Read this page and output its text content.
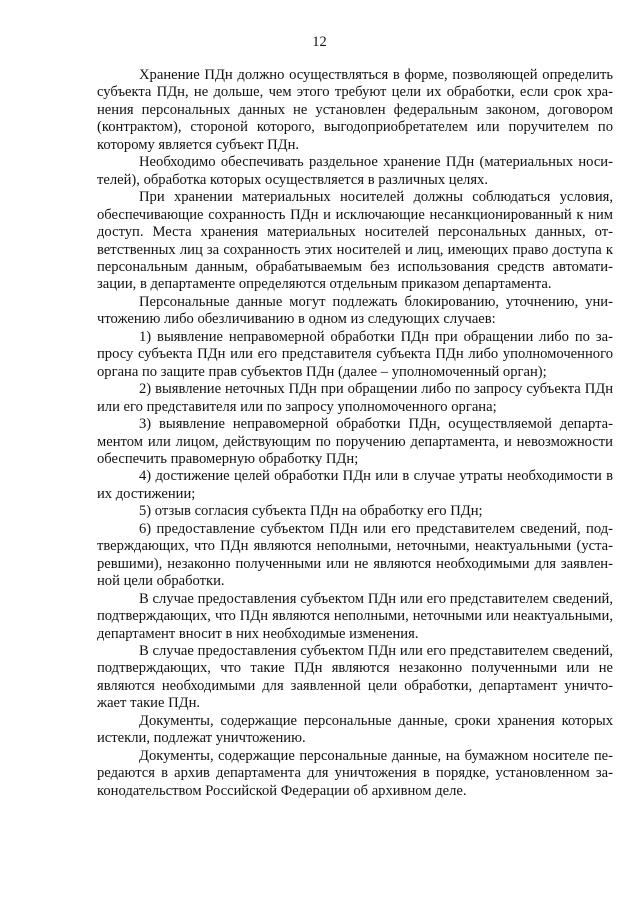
12

Хранение ПДн должно осуществляться в форме, позволяющей определить субъекта ПДн, не дольше, чем этого требуют цели их обработки, если срок хранения персональных данных не установлен федеральным законом, договором (контрактом), стороной которого, выгодоприобретателем или поручителем по которому является субъект ПДн.

Необходимо обеспечивать раздельное хранение ПДн (материальных носителей), обработка которых осуществляется в различных целях.

При хранении материальных носителей должны соблюдаться условия, обеспечивающие сохранность ПДн и исключающие несанкционированный к ним доступ. Места хранения материальных носителей персональных данных, ответственных лиц за сохранность этих носителей и лиц, имеющих право доступа к персональным данным, обрабатываемым без использования средств автоматизации, в департаменте определяются отдельным приказом департамента.

Персональные данные могут подлежать блокированию, уточнению, уничтожению либо обезличиванию в одном из следующих случаев:

1) выявление неправомерной обработки ПДн при обращении либо по запросу субъекта ПДн или его представителя субъекта ПДн либо уполномоченного органа по защите прав субъектов ПДн (далее – уполномоченный орган);

2) выявление неточных ПДн при обращении либо по запросу субъекта ПДн или его представителя или по запросу уполномоченного органа;

3) выявление неправомерной обработки ПДн, осуществляемой департаментом или лицом, действующим по поручению департамента, и невозможности обеспечить правомерную обработку ПДн;

4) достижение целей обработки ПДн или в случае утраты необходимости в их достижении;

5) отзыв согласия субъекта ПДн на обработку его ПДн;

6) предоставление субъектом ПДн или его представителем сведений, подтверждающих, что ПДн являются неполными, неточными, неактуальными (устаревшими), незаконно полученными или не являются необходимыми для заявленной цели обработки.

В случае предоставления субъектом ПДн или его представителем сведений, подтверждающих, что ПДн являются неполными, неточными или неактуальными, департамент вносит в них необходимые изменения.

В случае предоставления субъектом ПДн или его представителем сведений, подтверждающих, что такие ПДн являются незаконно полученными или не являются необходимыми для заявленной цели обработки, департамент уничтожает такие ПДн.

Документы, содержащие персональные данные, сроки хранения которых истекли, подлежат уничтожению.

Документы, содержащие персональные данные, на бумажном носителе передаются в архив департамента для уничтожения в порядке, установленном законодательством Российской Федерации об архивном деле.
